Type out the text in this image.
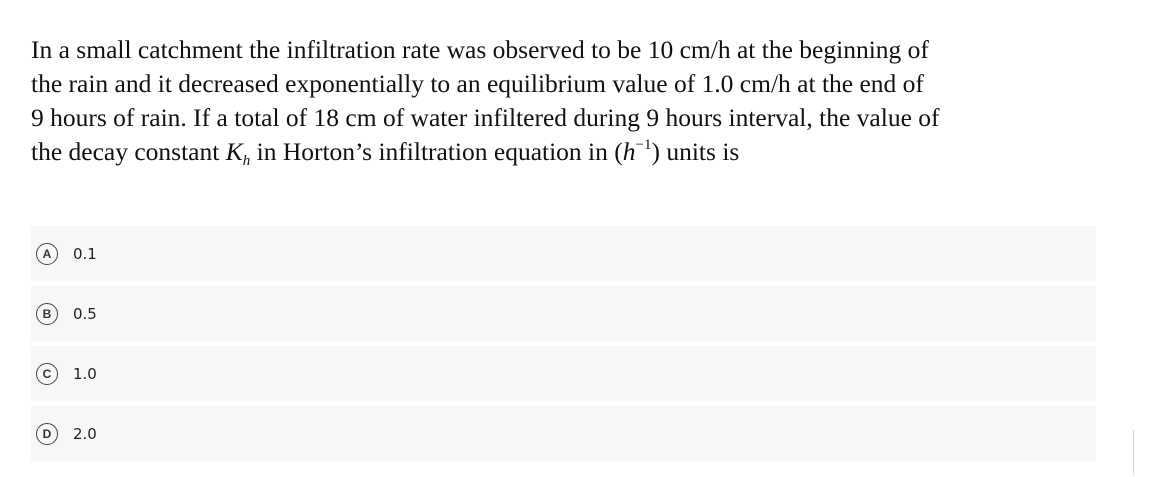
In a small catchment the infiltration rate was observed to be 10 cm/h at the beginning of
the rain and it decreased exponentially to an equilibrium value of 1.0 cm/h at the end of
9 hours of rain. If a total of 18 cm of water infiltered during 9 hours interval, the value of
the decay constant $K_h$ in Horton’s infiltration equation in $(h^{-1})$ units is
A	0.1
B	0.5
C	1.0
D	2.0
